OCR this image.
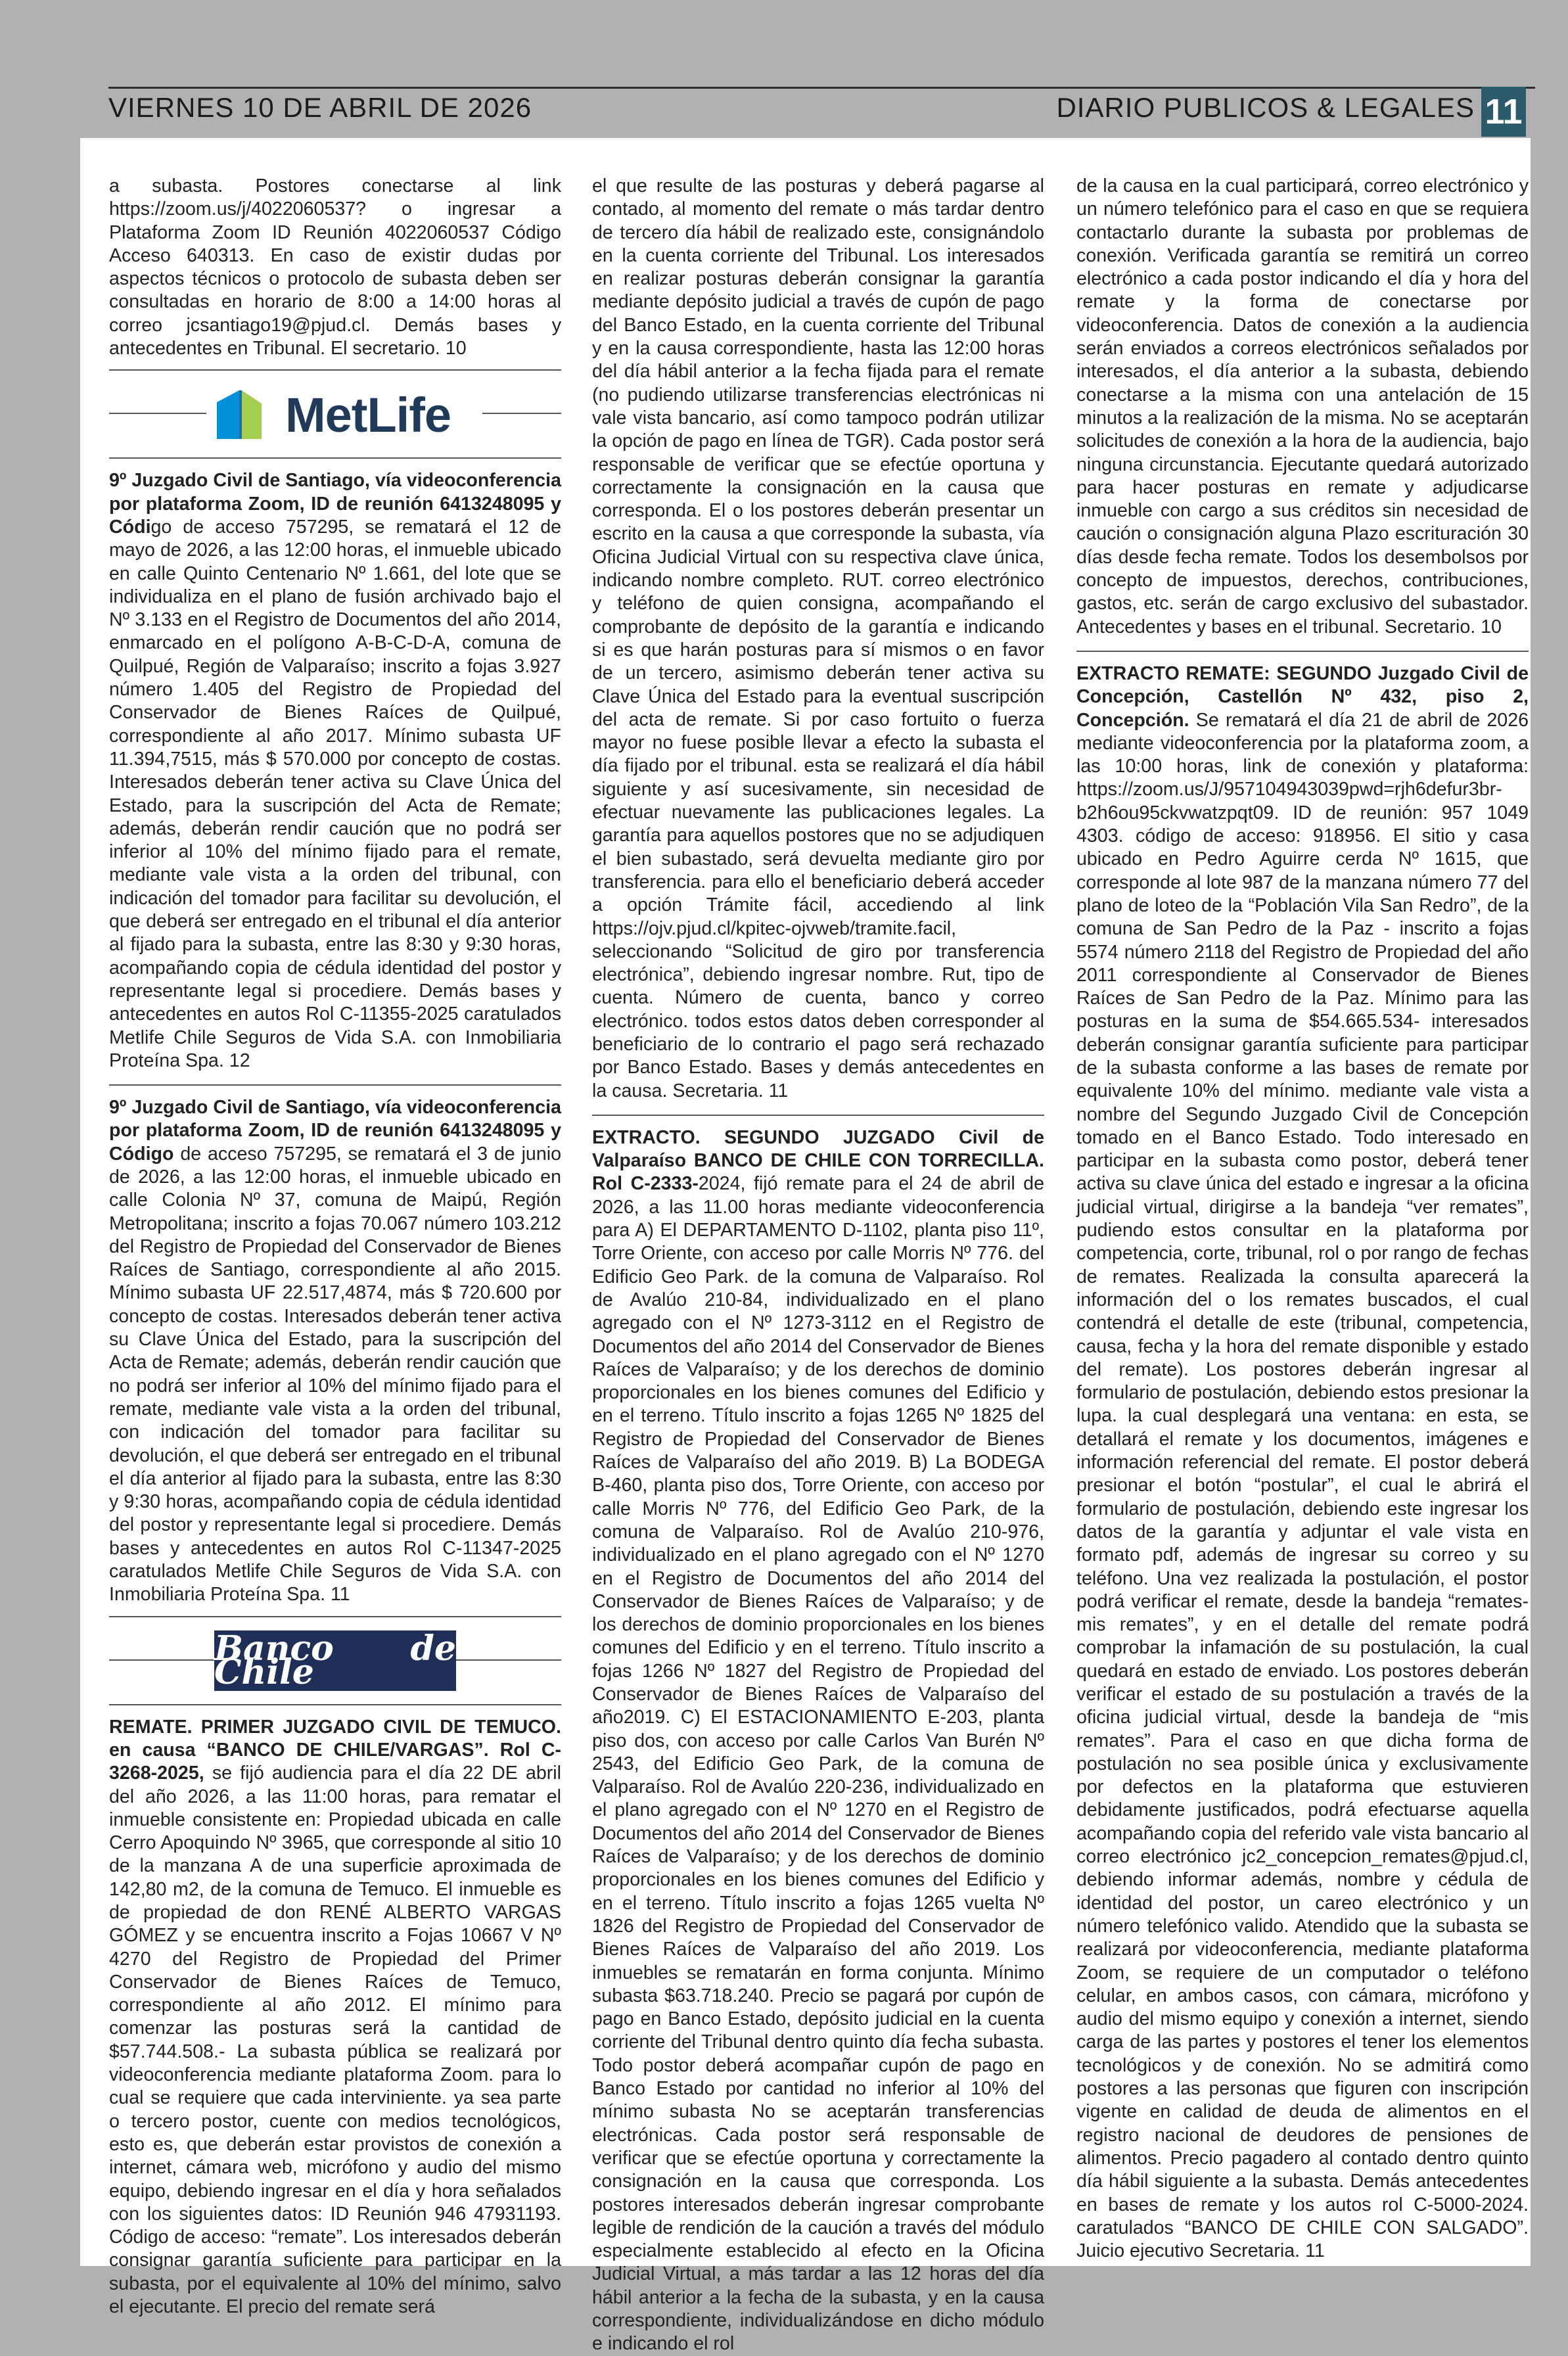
VIERNES 10 DE ABRIL DE 2026	DIARIO PUBLICOS & LEGALES 11

a subasta. Postores conectarse al link https://zoom.us/j/4022060537? o ingresar a Plataforma Zoom ID Reunión 4022060537 Código Acceso 640313. En caso de existir dudas por aspectos técnicos o protocolo de subasta deben ser consultadas en horario de 8:00 a 14:00 horas al correo jcsantiago19@pjud.cl. Demás bases y antecedentes en Tribunal. El secretario. 10

MetLife

9º Juzgado Civil de Santiago, vía videoconferencia por plataforma Zoom, ID de reunión 6413248095 y Código de acceso 757295, se rematará el 12 de mayo de 2026, a las 12:00 horas, el inmueble ubicado en calle Quinto Centenario Nº 1.661, del lote que se individualiza en el plano de fusión archivado bajo el Nº 3.133 en el Registro de Documentos del año 2014, enmarcado en el polígono A-B-C-D-A, comuna de Quilpué, Región de Valparaíso; inscrito a fojas 3.927 número 1.405 del Registro de Propiedad del Conservador de Bienes Raíces de Quilpué, correspondiente al año 2017. Mínimo subasta UF 11.394,7515, más $ 570.000 por concepto de costas. Interesados deberán tener activa su Clave Única del Estado, para la suscripción del Acta de Remate; además, deberán rendir caución que no podrá ser inferior al 10% del mínimo fijado para el remate, mediante vale vista a la orden del tribunal, con indicación del tomador para facilitar su devolución, el que deberá ser entregado en el tribunal el día anterior al fijado para la subasta, entre las 8:30 y 9:30 horas, acompañando copia de cédula identidad del postor y representante legal si procediere. Demás bases y antecedentes en autos Rol C-11355-2025 caratulados Metlife Chile Seguros de Vida S.A. con Inmobiliaria Proteína Spa. 12

9º Juzgado Civil de Santiago, vía videoconferencia por plataforma Zoom, ID de reunión 6413248095 y Código de acceso 757295, se rematará el 3 de junio de 2026, a las 12:00 horas, el inmueble ubicado en calle Colonia Nº 37, comuna de Maipú, Región Metropolitana; inscrito a fojas 70.067 número 103.212 del Registro de Propiedad del Conservador de Bienes Raíces de Santiago, correspondiente al año 2015. Mínimo subasta UF 22.517,4874, más $ 720.600 por concepto de costas. Interesados deberán tener activa su Clave Única del Estado, para la suscripción del Acta de Remate; además, deberán rendir caución que no podrá ser inferior al 10% del mínimo fijado para el remate, mediante vale vista a la orden del tribunal, con indicación del tomador para facilitar su devolución, el que deberá ser entregado en el tribunal el día anterior al fijado para la subasta, entre las 8:30 y 9:30 horas, acompañando copia de cédula identidad del postor y representante legal si procediere. Demás bases y antecedentes en autos Rol C-11347-2025 caratulados Metlife Chile Seguros de Vida S.A. con Inmobiliaria Proteína Spa. 11

Banco de Chile

REMATE. PRIMER JUZGADO CIVIL DE TEMUCO. en causa “BANCO DE CHILE/VARGAS”. Rol C-3268-2025, se fijó audiencia para el día 22 DE abril del año 2026, a las 11:00 horas, para rematar el inmueble consistente en: Propiedad ubicada en calle Cerro Apoquindo Nº 3965, que corresponde al sitio 10 de la manzana A de una superficie aproximada de 142,80 m2, de la comuna de Temuco. El inmueble es de propiedad de don RENÉ ALBERTO VARGAS GÓMEZ y se encuentra inscrito a Fojas 10667 V Nº 4270 del Registro de Propiedad del Primer Conservador de Bienes Raíces de Temuco, correspondiente al año 2012. El mínimo para comenzar las posturas será la cantidad de $57.744.508.- La subasta pública se realizará por videoconferencia mediante plataforma Zoom. para lo cual se requiere que cada interviniente. ya sea parte o tercero postor, cuente con medios tecnológicos, esto es, que deberán estar provistos de conexión a internet, cámara web, micrófono y audio del mismo equipo, debiendo ingresar en el día y hora señalados con los siguientes datos: ID Reunión 946 47931193. Código de acceso: “remate”. Los interesados deberán consignar garantía suficiente para participar en la subasta, por el equivalente al 10% del mínimo, salvo el ejecutante. El precio del remate será

el que resulte de las posturas y deberá pagarse al contado, al momento del remate o más tardar dentro de tercero día hábil de realizado este, consignándolo en la cuenta corriente del Tribunal. Los interesados en realizar posturas deberán consignar la garantía mediante depósito judicial a través de cupón de pago del Banco Estado, en la cuenta corriente del Tribunal y en la causa correspondiente, hasta las 12:00 horas del día hábil anterior a la fecha fijada para el remate (no pudiendo utilizarse transferencias electrónicas ni vale vista bancario, así como tampoco podrán utilizar la opción de pago en línea de TGR). Cada postor será responsable de verificar que se efectúe oportuna y correctamente la consignación en la causa que corresponda. El o los postores deberán presentar un escrito en la causa a que corresponde la subasta, vía Oficina Judicial Virtual con su respectiva clave única, indicando nombre completo. RUT. correo electrónico y teléfono de quien consigna, acompañando el comprobante de depósito de la garantía e indicando si es que harán posturas para sí mismos o en favor de un tercero, asimismo deberán tener activa su Clave Única del Estado para la eventual suscripción del acta de remate. Si por caso fortuito o fuerza mayor no fuese posible llevar a efecto la subasta el día fijado por el tribunal. esta se realizará el día hábil siguiente y así sucesivamente, sin necesidad de efectuar nuevamente las publicaciones legales. La garantía para aquellos postores que no se adjudiquen el bien subastado, será devuelta mediante giro por transferencia. para ello el beneficiario deberá acceder a opción Trámite fácil, accediendo al link https://ojv.pjud.cl/kpitec-ojvweb/tramite.facil, seleccionando “Solicitud de giro por transferencia electrónica”, debiendo ingresar nombre. Rut, tipo de cuenta. Número de cuenta, banco y correo electrónico. todos estos datos deben corresponder al beneficiario de lo contrario el pago será rechazado por Banco Estado. Bases y demás antecedentes en la causa. Secretaria. 11

EXTRACTO. SEGUNDO JUZGADO Civil de Valparaíso BANCO DE CHILE CON TORRECILLA. Rol C-2333-2024, fijó remate para el 24 de abril de 2026, a las 11.00 horas mediante videoconferencia para A) El DEPARTAMENTO D-1102, planta piso 11º, Torre Oriente, con acceso por calle Morris Nº 776. del Edificio Geo Park. de la comuna de Valparaíso. Rol de Avalúo 210-84, individualizado en el plano agregado con el Nº 1273-3112 en el Registro de Documentos del año 2014 del Conservador de Bienes Raíces de Valparaíso; y de los derechos de dominio proporcionales en los bienes comunes del Edificio y en el terreno. Título inscrito a fojas 1265 Nº 1825 del Registro de Propiedad del Conservador de Bienes Raíces de Valparaíso del año 2019. B) La BODEGA B-460, planta piso dos, Torre Oriente, con acceso por calle Morris Nº 776, del Edificio Geo Park, de la comuna de Valparaíso. Rol de Avalúo 210-976, individualizado en el plano agregado con el Nº 1270 en el Registro de Documentos del año 2014 del Conservador de Bienes Raíces de Valparaíso; y de los derechos de dominio proporcionales en los bienes comunes del Edificio y en el terreno. Título inscrito a fojas 1266 Nº 1827 del Registro de Propiedad del Conservador de Bienes Raíces de Valparaíso del año2019. C) El ESTACIONAMIENTO E-203, planta piso dos, con acceso por calle Carlos Van Burén Nº 2543, del Edificio Geo Park, de la comuna de Valparaíso. Rol de Avalúo 220-236, individualizado en el plano agregado con el Nº 1270 en el Registro de Documentos del año 2014 del Conservador de Bienes Raíces de Valparaíso; y de los derechos de dominio proporcionales en los bienes comunes del Edificio y en el terreno. Título inscrito a fojas 1265 vuelta Nº 1826 del Registro de Propiedad del Conservador de Bienes Raíces de Valparaíso del año 2019. Los inmuebles se rematarán en forma conjunta. Mínimo subasta $63.718.240. Precio se pagará por cupón de pago en Banco Estado, depósito judicial en la cuenta corriente del Tribunal dentro quinto día fecha subasta. Todo postor deberá acompañar cupón de pago en Banco Estado por cantidad no inferior al 10% del mínimo subasta No se aceptarán transferencias electrónicas. Cada postor será responsable de verificar que se efectúe oportuna y correctamente la consignación en la causa que corresponda. Los postores interesados deberán ingresar comprobante legible de rendición de la caución a través del módulo especialmente establecido al efecto en la Oficina Judicial Virtual, a más tardar a las 12 horas del día hábil anterior a la fecha de la subasta, y en la causa correspondiente, individualizándose en dicho módulo e indicando el rol

de la causa en la cual participará, correo electrónico y un número telefónico para el caso en que se requiera contactarlo durante la subasta por problemas de conexión. Verificada garantía se remitirá un correo electrónico a cada postor indicando el día y hora del remate y la forma de conectarse por videoconferencia. Datos de conexión a la audiencia serán enviados a correos electrónicos señalados por interesados, el día anterior a la subasta, debiendo conectarse a la misma con una antelación de 15 minutos a la realización de la misma. No se aceptarán solicitudes de conexión a la hora de la audiencia, bajo ninguna circunstancia. Ejecutante quedará autorizado para hacer posturas en remate y adjudicarse inmueble con cargo a sus créditos sin necesidad de caución o consignación alguna Plazo escrituración 30 días desde fecha remate. Todos los desembolsos por concepto de impuestos, derechos, contribuciones, gastos, etc. serán de cargo exclusivo del subastador. Antecedentes y bases en el tribunal. Secretario. 10

EXTRACTO REMATE: SEGUNDO Juzgado Civil de Concepción, Castellón Nº 432, piso 2, Concepción. Se rematará el día 21 de abril de 2026 mediante videoconferencia por la plataforma zoom, a las 10:00 horas, link de conexión y plataforma: https://zoom.us/J/957104943039pwd=rjh6defur3br-b2h6ou95ckvwatzpqt09. ID de reunión: 957 1049 4303. código de acceso: 918956. El sitio y casa ubicado en Pedro Aguirre cerda Nº 1615, que corresponde al lote 987 de la manzana número 77 del plano de loteo de la “Población Vila San Redro”, de la comuna de San Pedro de la Paz - inscrito a fojas 5574 número 2118 del Registro de Propiedad del año 2011 correspondiente al Conservador de Bienes Raíces de San Pedro de la Paz. Mínimo para las posturas en la suma de $54.665.534- interesados deberán consignar garantía suficiente para participar de la subasta conforme a las bases de remate por equivalente 10% del mínimo. mediante vale vista a nombre del Segundo Juzgado Civil de Concepción tomado en el Banco Estado. Todo interesado en participar en la subasta como postor, deberá tener activa su clave única del estado e ingresar a la oficina judicial virtual, dirigirse a la bandeja “ver remates”, pudiendo estos consultar en la plataforma por competencia, corte, tribunal, rol o por rango de fechas de remates. Realizada la consulta aparecerá la información del o los remates buscados, el cual contendrá el detalle de este (tribunal, competencia, causa, fecha y la hora del remate disponible y estado del remate). Los postores deberán ingresar al formulario de postulación, debiendo estos presionar la lupa. la cual desplegará una ventana: en esta, se detallará el remate y los documentos, imágenes e información referencial del remate. El postor deberá presionar el botón “postular”, el cual le abrirá el formulario de postulación, debiendo este ingresar los datos de la garantía y adjuntar el vale vista en formato pdf, además de ingresar su correo y su teléfono. Una vez realizada la postulación, el postor podrá verificar el remate, desde la bandeja “remates-mis remates”, y en el detalle del remate podrá comprobar la infamación de su postulación, la cual quedará en estado de enviado. Los postores deberán verificar el estado de su postulación a través de la oficina judicial virtual, desde la bandeja de “mis remates”. Para el caso en que dicha forma de postulación no sea posible única y exclusivamente por defectos en la plataforma que estuvieren debidamente justificados, podrá efectuarse aquella acompañando copia del referido vale vista bancario al correo electrónico jc2_concepcion_remates@pjud.cl, debiendo informar además, nombre y cédula de identidad del postor, un careo electrónico y un número telefónico valido. Atendido que la subasta se realizará por videoconferencia, mediante plataforma Zoom, se requiere de un computador o teléfono celular, en ambos casos, con cámara, micrófono y audio del mismo equipo y conexión a internet, siendo carga de las partes y postores el tener los elementos tecnológicos y de conexión. No se admitirá como postores a las personas que figuren con inscripción vigente en calidad de deuda de alimentos en el registro nacional de deudores de pensiones de alimentos. Precio pagadero al contado dentro quinto día hábil siguiente a la subasta. Demás antecedentes en bases de remate y los autos rol C-5000-2024. caratulados “BANCO DE CHILE CON SALGADO”. Juicio ejecutivo Secretaria. 11
